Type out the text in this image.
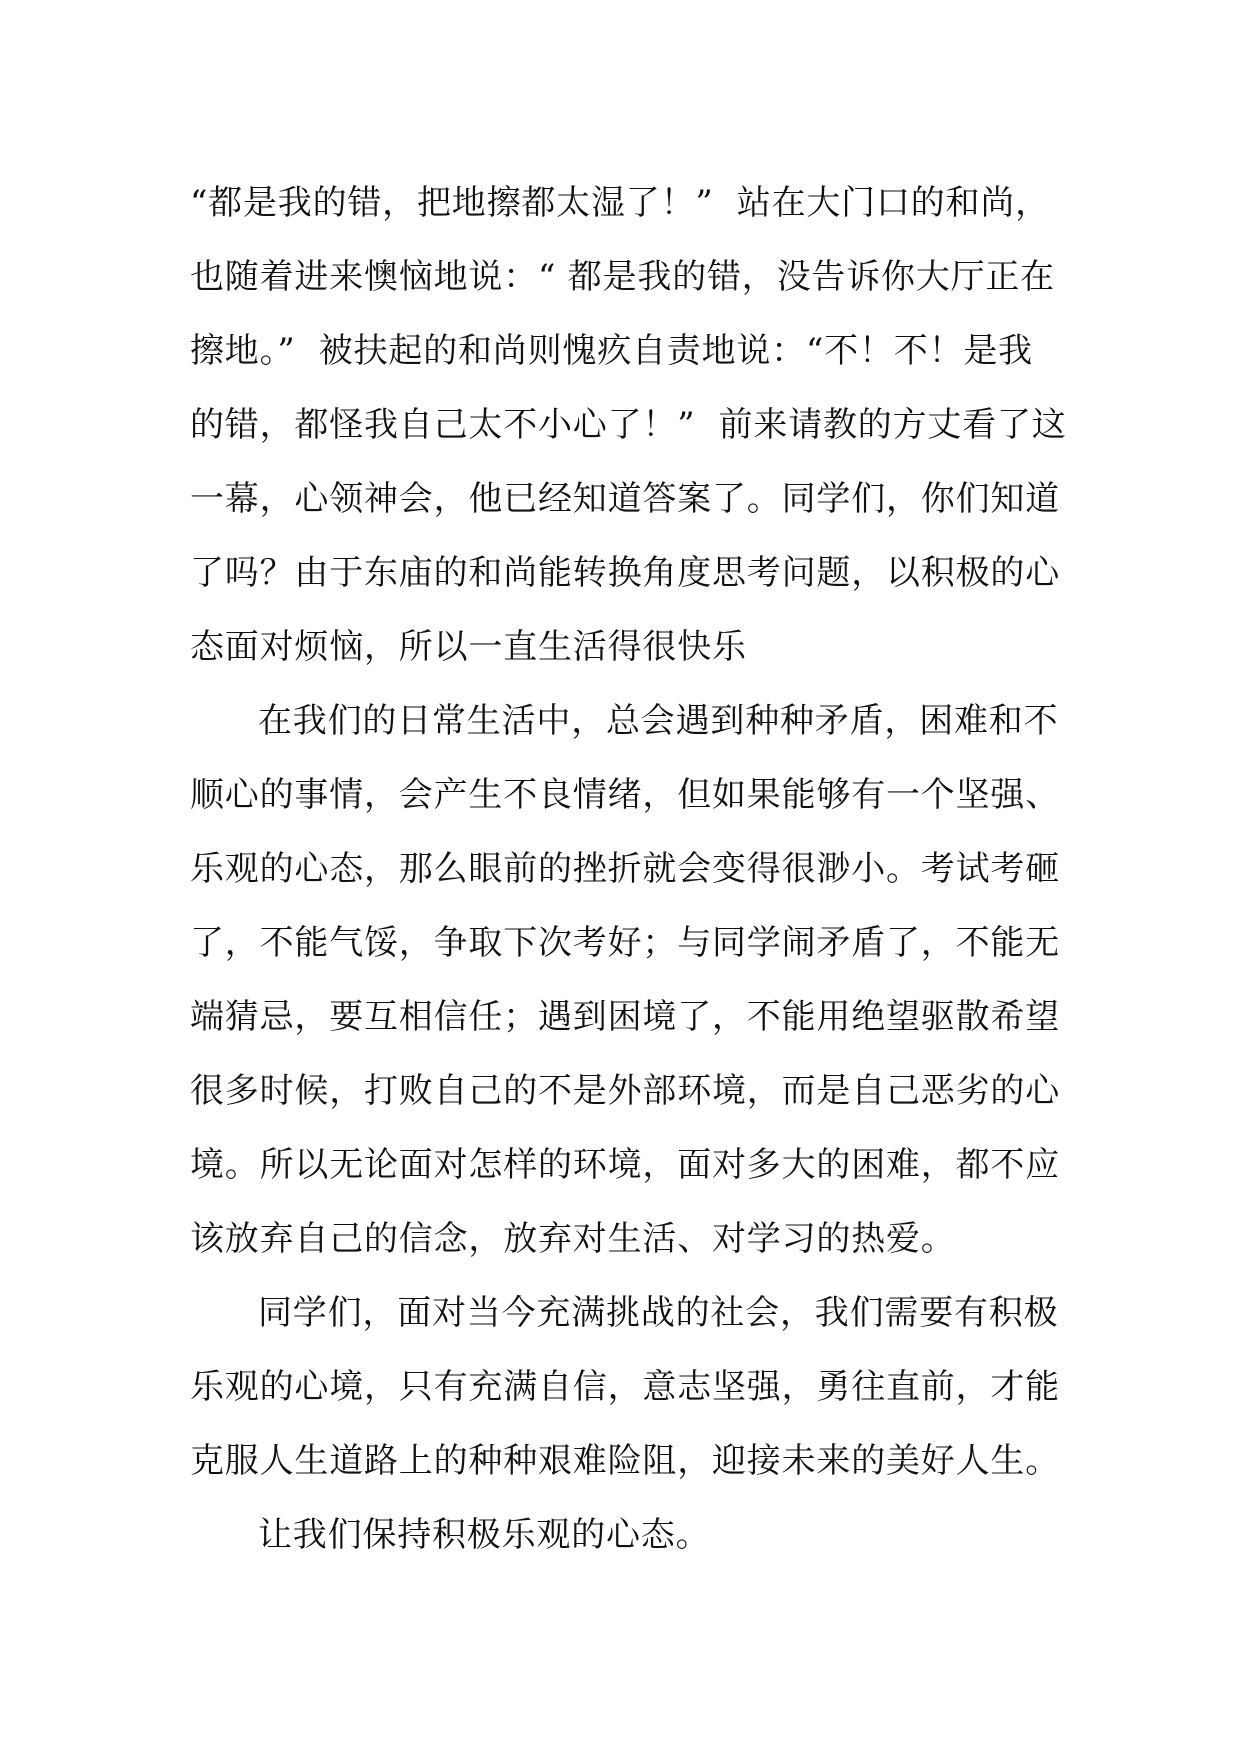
“都是我的错，把地擦都太湿了！”  站在大门口的和尚，
也随着进来懊恼地说：“ 都是我的错，没告诉你大厅正在
擦地。”  被扶起的和尚则愧疚自责地说：“不！不！是我
的错，都怪我自己太不小心了！”  前来请教的方丈看了这
一幕，心领神会，他已经知道答案了。同学们，你们知道
了吗？由于东庙的和尚能转换角度思考问题，以积极的心
态面对烦恼，所以一直生活得很快乐
在我们的日常生活中，总会遇到种种矛盾，困难和不
顺心的事情，会产生不良情绪，但如果能够有一个坚强、
乐观的心态，那么眼前的挫折就会变得很渺小。考试考砸
了，不能气馁，争取下次考好；与同学闹矛盾了，不能无
端猜忌，要互相信任；遇到困境了，不能用绝望驱散希望
很多时候，打败自己的不是外部环境，而是自己恶劣的心
境。所以无论面对怎样的环境，面对多大的困难，都不应
该放弃自己的信念，放弃对生活、对学习的热爱。
同学们，面对当今充满挑战的社会，我们需要有积极
乐观的心境，只有充满自信，意志坚强，勇往直前，才能
克服人生道路上的种种艰难险阻，迎接未来的美好人生。
让我们保持积极乐观的心态。
